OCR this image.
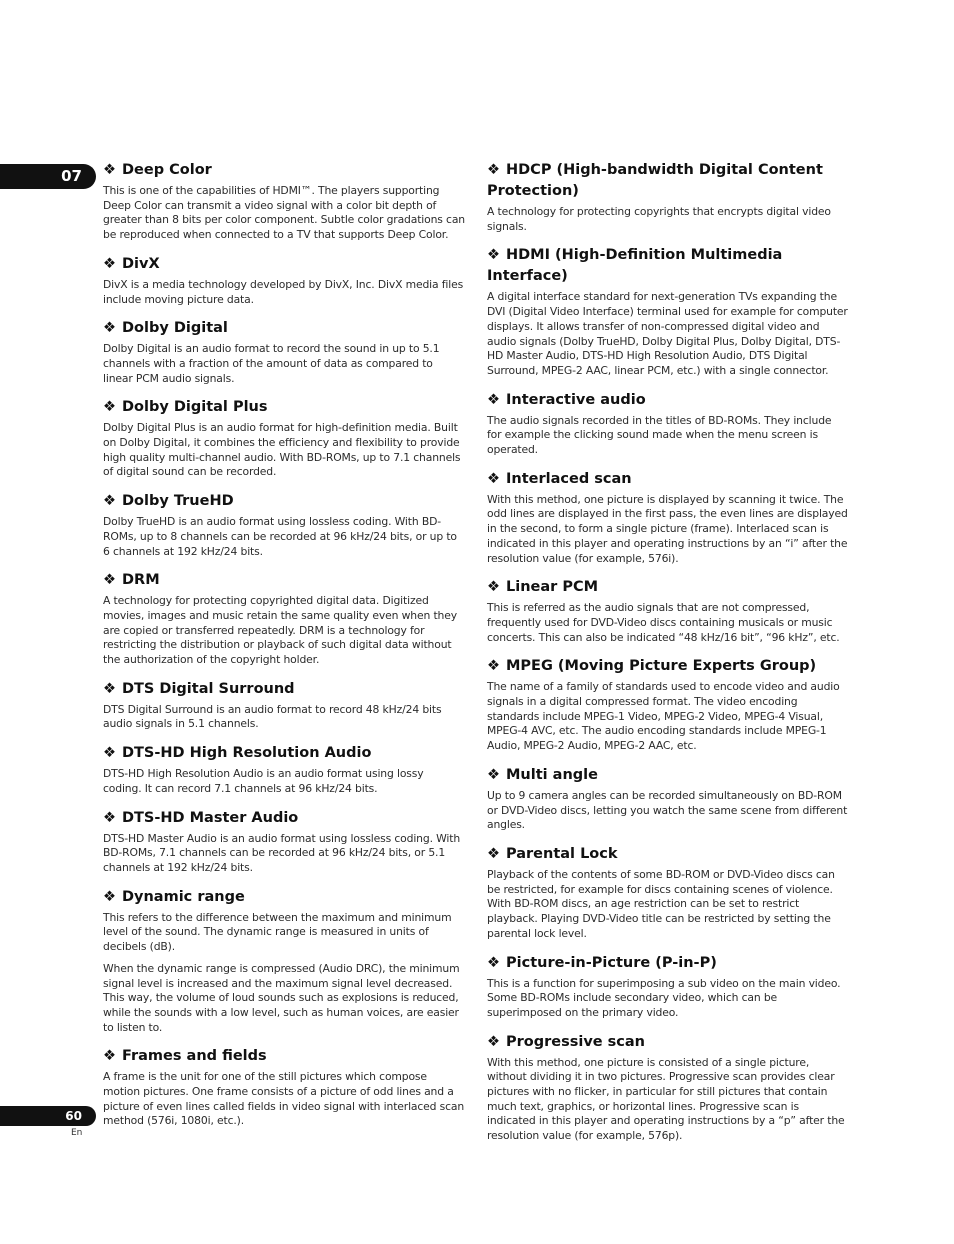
07 ❖ Deep Color

This is one of the capabilities of HDMI™. The players supporting Deep Color can transmit a video signal with a color bit depth of greater than 8 bits per color component. Subtle color gradations can be reproduced when connected to a TV that supports Deep Color.

❖ DivX

DivX is a media technology developed by DivX, Inc. DivX media files include moving picture data.

❖ Dolby Digital

Dolby Digital is an audio format to record the sound in up to 5.1 channels with a fraction of the amount of data as compared to linear PCM audio signals.

❖ Dolby Digital Plus

Dolby Digital Plus is an audio format for high-definition media. Built on Dolby Digital, it combines the efficiency and flexibility to provide high quality multi-channel audio. With BD-ROMs, up to 7.1 channels of digital sound can be recorded.

❖ Dolby TrueHD

Dolby TrueHD is an audio format using lossless coding. With BD-ROMs, up to 8 channels can be recorded at 96 kHz/24 bits, or up to 6 channels at 192 kHz/24 bits.

❖ DRM

A technology for protecting copyrighted digital data. Digitized movies, images and music retain the same quality even when they are copied or transferred repeatedly. DRM is a technology for restricting the distribution or playback of such digital data without the authorization of the copyright holder.

❖ DTS Digital Surround

DTS Digital Surround is an audio format to record 48 kHz/24 bits audio signals in 5.1 channels.

❖ DTS-HD High Resolution Audio

DTS-HD High Resolution Audio is an audio format using lossy coding. It can record 7.1 channels at 96 kHz/24 bits.

❖ DTS-HD Master Audio

DTS-HD Master Audio is an audio format using lossless coding. With BD-ROMs, 7.1 channels can be recorded at 96 kHz/24 bits, or 5.1 channels at 192 kHz/24 bits.

❖ Dynamic range

This refers to the difference between the maximum and minimum level of the sound. The dynamic range is measured in units of decibels (dB).

When the dynamic range is compressed (Audio DRC), the minimum signal level is increased and the maximum signal level decreased. This way, the volume of loud sounds such as explosions is reduced, while the sounds with a low level, such as human voices, are easier to listen to.

❖ Frames and fields

A frame is the unit for one of the still pictures which compose motion pictures. One frame consists of a picture of odd lines and a picture of even lines called fields in video signal with interlaced scan method (576i, 1080i, etc.).

❖ HDCP (High-bandwidth Digital Content Protection)

A technology for protecting copyrights that encrypts digital video signals.

❖ HDMI (High-Definition Multimedia Interface)

A digital interface standard for next-generation TVs expanding the DVI (Digital Video Interface) terminal used for example for computer displays. It allows transfer of non-compressed digital video and audio signals (Dolby TrueHD, Dolby Digital Plus, Dolby Digital, DTS-HD Master Audio, DTS-HD High Resolution Audio, DTS Digital Surround, MPEG-2 AAC, linear PCM, etc.) with a single connector.

❖ Interactive audio

The audio signals recorded in the titles of BD-ROMs. They include for example the clicking sound made when the menu screen is operated.

❖ Interlaced scan

With this method, one picture is displayed by scanning it twice. The odd lines are displayed in the first pass, the even lines are displayed in the second, to form a single picture (frame). Interlaced scan is indicated in this player and operating instructions by an “i” after the resolution value (for example, 576i).

❖ Linear PCM

This is referred as the audio signals that are not compressed, frequently used for DVD-Video discs containing musicals or music concerts. This can also be indicated “48 kHz/16 bit”, “96 kHz”, etc.

❖ MPEG (Moving Picture Experts Group)

The name of a family of standards used to encode video and audio signals in a digital compressed format. The video encoding standards include MPEG-1 Video, MPEG-2 Video, MPEG-4 Visual, MPEG-4 AVC, etc. The audio encoding standards include MPEG-1 Audio, MPEG-2 Audio, MPEG-2 AAC, etc.

❖ Multi angle

Up to 9 camera angles can be recorded simultaneously on BD-ROM or DVD-Video discs, letting you watch the same scene from different angles.

❖ Parental Lock

Playback of the contents of some BD-ROM or DVD-Video discs can be restricted, for example for discs containing scenes of violence. With BD-ROM discs, an age restriction can be set to restrict playback. Playing DVD-Video title can be restricted by setting the parental lock level.

❖ Picture-in-Picture (P-in-P)

This is a function for superimposing a sub video on the main video. Some BD-ROMs include secondary video, which can be superimposed on the primary video.

❖ Progressive scan

With this method, one picture is consisted of a single picture, without dividing it in two pictures. Progressive scan provides clear pictures with no flicker, in particular for still pictures that contain much text, graphics, or horizontal lines. Progressive scan is indicated in this player and operating instructions by a “p” after the resolution value (for example, 576p).

60
En
